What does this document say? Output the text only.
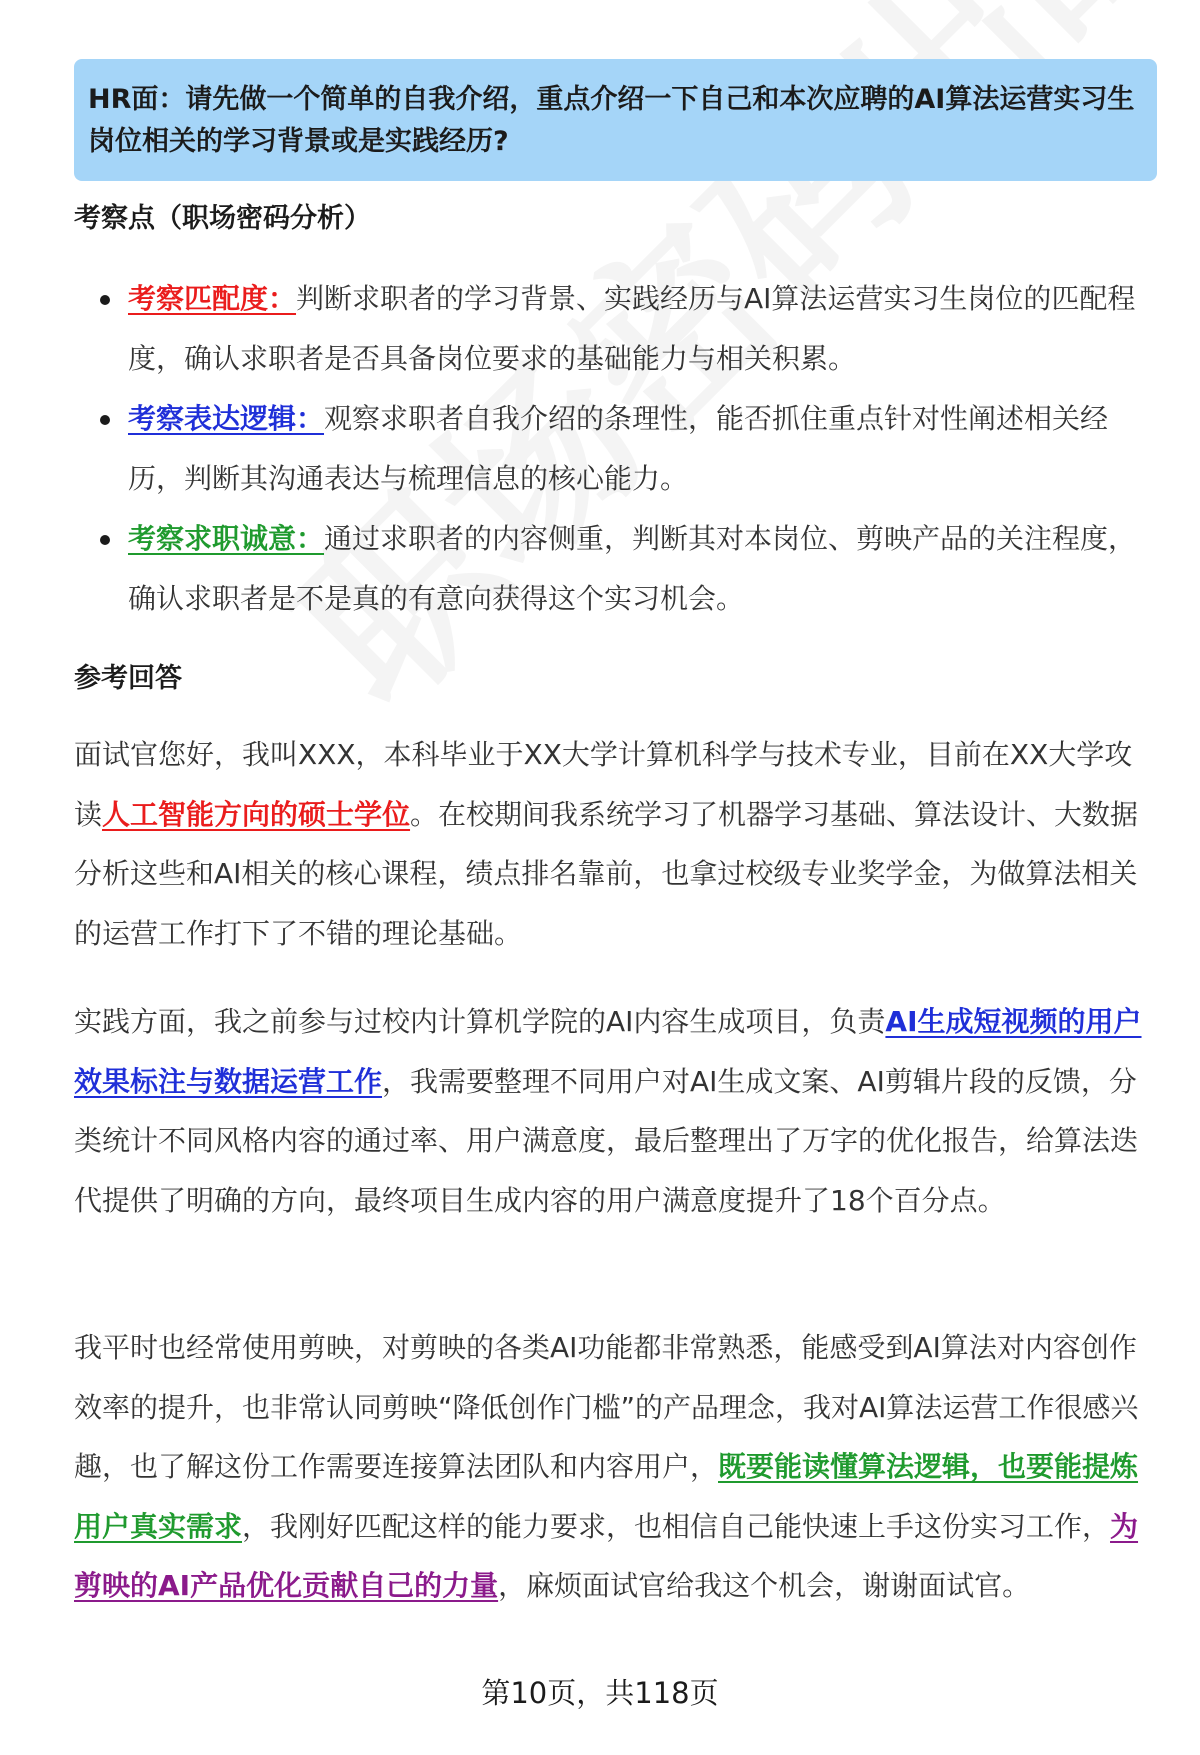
HR面：请先做一个简单的自我介绍，重点介绍一下自己和本次应聘的AI算法运营实习生岗位相关的学习背景或是实践经历?
考察点（职场密码分析）
考察匹配度：判断求职者的学习背景、实践经历与AI算法运营实习生岗位的匹配程度，确认求职者是否具备岗位要求的基础能力与相关积累。
考察表达逻辑：观察求职者自我介绍的条理性，能否抓住重点针对性阐述相关经历，判断其沟通表达与梳理信息的核心能力。
考察求职诚意：通过求职者的内容侧重，判断其对本岗位、剪映产品的关注程度，确认求职者是不是真的有意向获得这个实习机会。
参考回答

面试官您好，我叫XXX，本科毕业于XX大学计算机科学与技术专业，目前在XX大学攻读人工智能方向的硕士学位。在校期间我系统学习了机器学习基础、算法设计、大数据分析这些和AI相关的核心课程，绩点排名靠前，也拿过校级专业奖学金，为做算法相关的运营工作打下了不错的理论基础。

实践方面，我之前参与过校内计算机学院的AI内容生成项目，负责AI生成短视频的用户效果标注与数据运营工作，我需要整理不同用户对AI生成文案、AI剪辑片段的反馈，分类统计不同风格内容的通过率、用户满意度，最后整理出了万字的优化报告，给算法迭代提供了明确的方向，最终项目生成内容的用户满意度提升了18个百分点。

我平时也经常使用剪映，对剪映的各类AI功能都非常熟悉，能感受到AI算法对内容创作效率的提升，也非常认同剪映“降低创作门槛”的产品理念，我对AI算法运营工作很感兴趣，也了解这份工作需要连接算法团队和内容用户，既要能读懂算法逻辑，也要能提炼用户真实需求，我刚好匹配这样的能力要求，也相信自己能快速上手这份实习工作，为剪映的AI产品优化贡献自己的力量，麻烦面试官给我这个机会，谢谢面试官。

第10页，共118页
